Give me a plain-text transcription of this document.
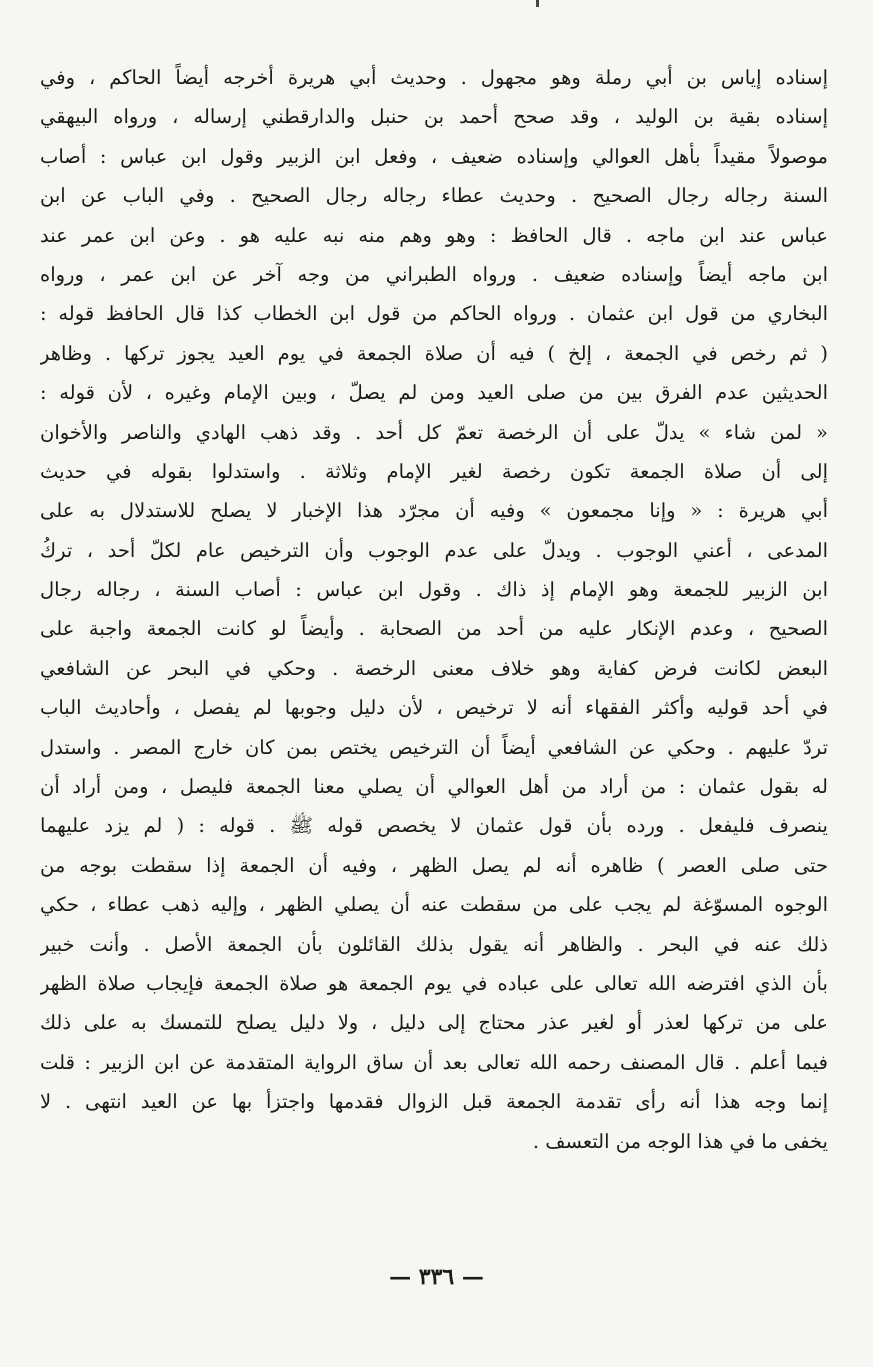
إسناده إياس بن أبي رملة وهو مجهول . وحديث أبي هريرة أخرجه أيضاً الحاكم ، وفي
إسناده بقية بن الوليد ، وقد صحح أحمد بن حنبل والدارقطني إرساله ، ورواه البيهقي
موصولاً مقيداً بأهل العوالي وإسناده ضعيف ، وفعل ابن الزبير وقول ابن عباس : أصاب
السنة رجاله رجال الصحيح . وحديث عطاء رجاله رجال الصحيح . وفي الباب عن ابن
عباس عند ابن ماجه . قال الحافظ : وهو وهم منه نبه عليه هو . وعن ابن عمر عند
ابن ماجه أيضاً وإسناده ضعيف . ورواه الطبراني من وجه آخر عن ابن عمر ، ورواه
البخاري من قول ابن عثمان . ورواه الحاكم من قول ابن الخطاب كذا قال الحافظ قوله :
( ثم رخص في الجمعة ، إلخ ) فيه أن صلاة الجمعة في يوم العيد يجوز تركها . وظاهر
الحديثين عدم الفرق بين من صلى العيد ومن لم يصلّ ، وبين الإمام وغيره ، لأن قوله :
« لمن شاء » يدلّ على أن الرخصة تعمّ كل أحد . وقد ذهب الهادي والناصر والأخوان
إلى أن صلاة الجمعة تكون رخصة لغير الإمام وثلاثة . واستدلوا بقوله في حديث
أبي هريرة : « وإنا مجمعون » وفيه أن مجرّد هذا الإخبار لا يصلح للاستدلال به على
المدعى ، أعني الوجوب . ويدلّ على عدم الوجوب وأن الترخيص عام لكلّ أحد ، تركُ
ابن الزبير للجمعة وهو الإمام إذ ذاك . وقول ابن عباس : أصاب السنة ، رجاله رجال
الصحيح ، وعدم الإنكار عليه من أحد من الصحابة . وأيضاً لو كانت الجمعة واجبة على
البعض لكانت فرض كفاية وهو خلاف معنى الرخصة . وحكي في البحر عن الشافعي
في أحد قوليه وأكثر الفقهاء أنه لا ترخيص ، لأن دليل وجوبها لم يفصل ، وأحاديث الباب
تردّ عليهم . وحكي عن الشافعي أيضاً أن الترخيص يختص بمن كان خارج المصر . واستدل
له بقول عثمان : من أراد من أهل العوالي أن يصلي معنا الجمعة فليصل ، ومن أراد أن
ينصرف فليفعل . ورده بأن قول عثمان لا يخصص قوله ﷺ . قوله : ( لم يزد عليهما
حتى صلى العصر ) ظاهره أنه لم يصل الظهر ، وفيه أن الجمعة إذا سقطت بوجه من
الوجوه المسوّغة لم يجب على من سقطت عنه أن يصلي الظهر ، وإليه ذهب عطاء ، حكي
ذلك عنه في البحر . والظاهر أنه يقول بذلك القائلون بأن الجمعة الأصل . وأنت خبير
بأن الذي افترضه الله تعالى على عباده في يوم الجمعة هو صلاة الجمعة فإيجاب صلاة الظهر
على من تركها لعذر أو لغير عذر محتاج إلى دليل ، ولا دليل يصلح للتمسك به على ذلك
فيما أعلم . قال المصنف رحمه الله تعالى بعد أن ساق الرواية المتقدمة عن ابن الزبير : قلت
إنما وجه هذا أنه رأى تقدمة الجمعة قبل الزوال فقدمها واجتزأ بها عن العيد انتهى . لا
يخفى ما في هذا الوجه من التعسف .
— ٣٣٦ —
